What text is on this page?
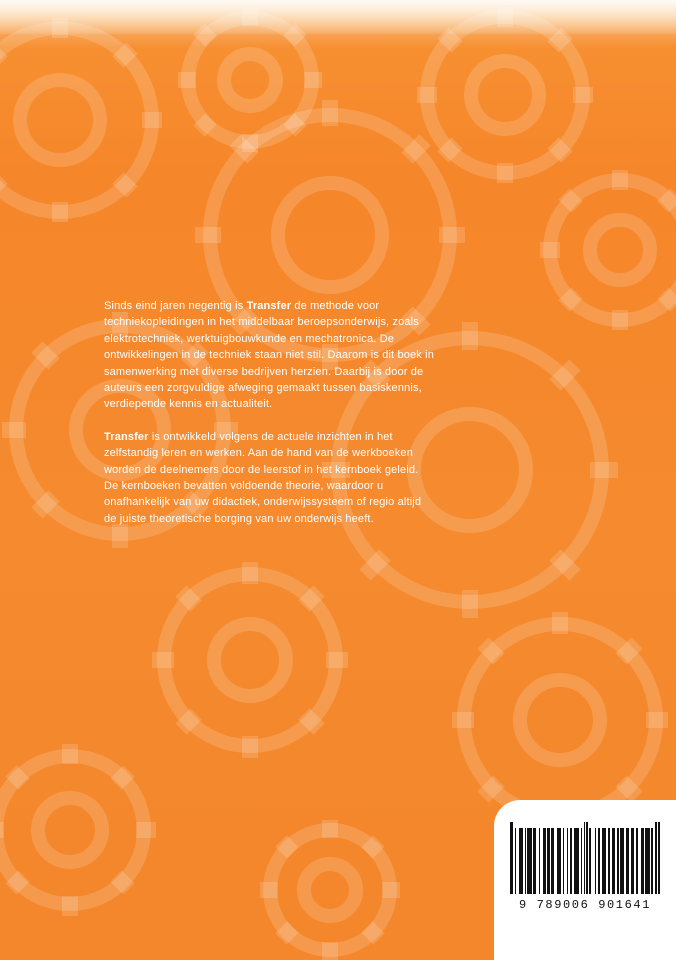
Sinds eind jaren negentig is Transfer de methode voor techniekopleidingen in het middelbaar beroepsonderwijs, zoals elektrotechniek, werktuigbouwkunde en mechatronica. De ontwikkelingen in de techniek staan niet stil. Daarom is dit boek in samenwerking met diverse bedrijven herzien. Daarbij is door de auteurs een zorgvuldige afweging gemaakt tussen basiskennis, verdiepende kennis en actualiteit.

Transfer is ontwikkeld volgens de actuele inzichten in het zelfstandig leren en werken. Aan de hand van de werkboeken worden de deelnemers door de leerstof in het kernboek geleid. De kernboeken bevatten voldoende theorie, waardoor u onafhankelijk van uw didactiek, onderwijssysteem of regio altijd de juiste theoretische borging van uw onderwijs heeft.

9 789006 901641
